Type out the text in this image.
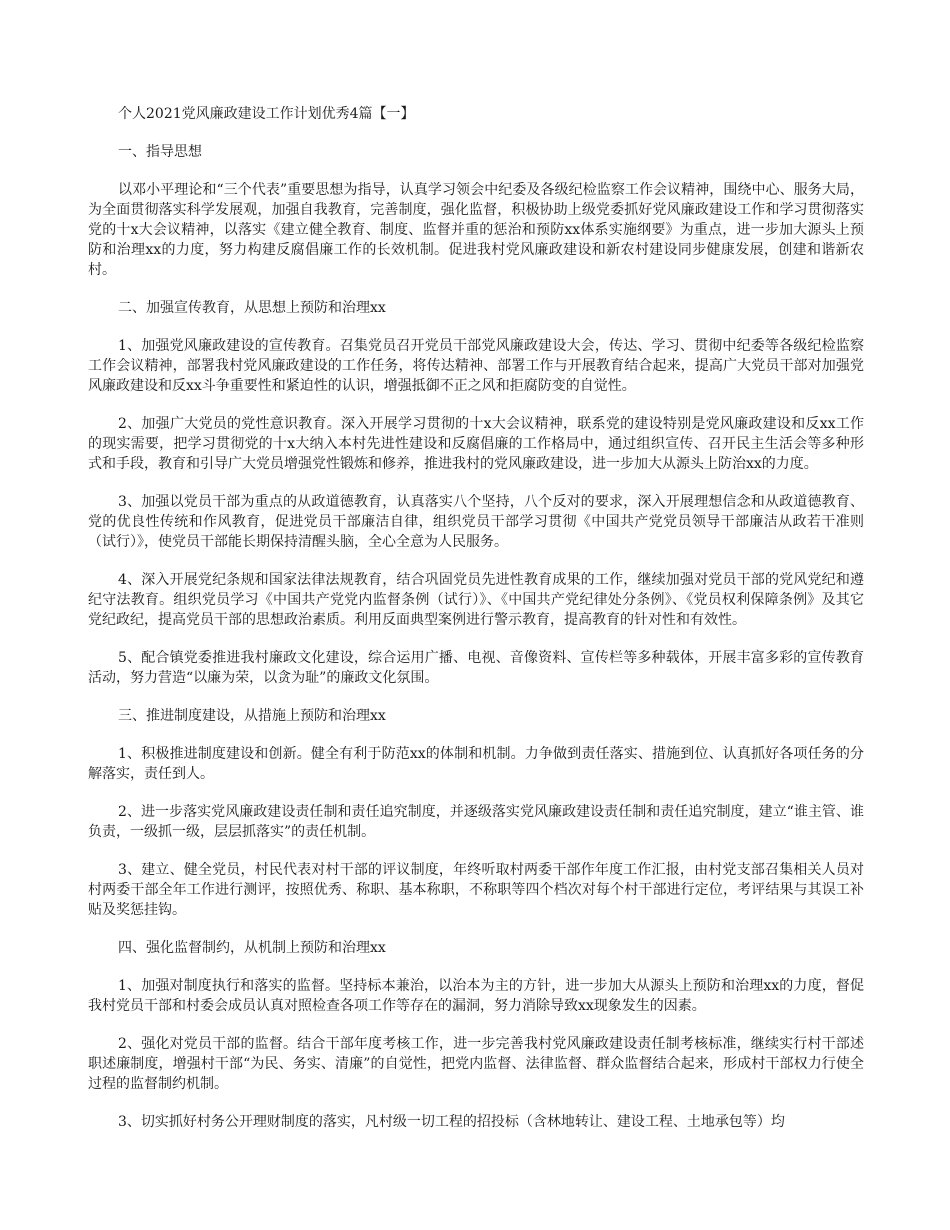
个人2021党风廉政建设工作计划优秀4篇【一】

一、指导思想

以邓小平理论和“三个代表”重要思想为指导，认真学习领会中纪委及各级纪检监察工作会议精神，围绕中心、服务大局，为全面贯彻落实科学发展观，加强自我教育，完善制度，强化监督，积极协助上级党委抓好党风廉政建设工作和学习贯彻落实党的十x大会议精神，以落实《建立健全教育、制度、监督并重的惩治和预防xx体系实施纲要》为重点，进一步加大源头上预防和治理xx的力度，努力构建反腐倡廉工作的长效机制。促进我村党风廉政建设和新农村建设同步健康发展，创建和谐新农村。

二、加强宣传教育，从思想上预防和治理xx

1、加强党风廉政建设的宣传教育。召集党员召开党员干部党风廉政建设大会，传达、学习、贯彻中纪委等各级纪检监察工作会议精神，部署我村党风廉政建设的工作任务，将传达精神、部署工作与开展教育结合起来，提高广大党员干部对加强党风廉政建设和反xx斗争重要性和紧迫性的认识，增强抵御不正之风和拒腐防变的自觉性。

2、加强广大党员的党性意识教育。深入开展学习贯彻的十x大会议精神，联系党的建设特别是党风廉政建设和反xx工作的现实需要，把学习贯彻党的十x大纳入本村先进性建设和反腐倡廉的工作格局中，通过组织宣传、召开民主生活会等多种形式和手段，教育和引导广大党员增强党性锻炼和修养，推进我村的党风廉政建设，进一步加大从源头上防治xx的力度。

3、加强以党员干部为重点的从政道德教育，认真落实八个坚持，八个反对的要求，深入开展理想信念和从政道德教育、党的优良性传统和作风教育，促进党员干部廉洁自律，组织党员干部学习贯彻《中国共产党党员领导干部廉洁从政若干准则（试行）》，使党员干部能长期保持清醒头脑，全心全意为人民服务。

4、深入开展党纪条规和国家法律法规教育，结合巩固党员先进性教育成果的工作，继续加强对党员干部的党风党纪和遵纪守法教育。组织党员学习《中国共产党党内监督条例（试行）》、《中国共产党纪律处分条例》、《党员权利保障条例》及其它党纪政纪，提高党员干部的思想政治素质。利用反面典型案例进行警示教育，提高教育的针对性和有效性。

5、配合镇党委推进我村廉政文化建设，综合运用广播、电视、音像资料、宣传栏等多种载体，开展丰富多彩的宣传教育活动，努力营造“以廉为荣，以贪为耻”的廉政文化氛围。

三、推进制度建设，从措施上预防和治理xx

1、积极推进制度建设和创新。健全有利于防范xx的体制和机制。力争做到责任落实、措施到位、认真抓好各项任务的分解落实，责任到人。

2、进一步落实党风廉政建设责任制和责任追究制度，并逐级落实党风廉政建设责任制和责任追究制度，建立“谁主管、谁负责，一级抓一级，层层抓落实”的责任机制。

3、建立、健全党员，村民代表对村干部的评议制度，年终听取村两委干部作年度工作汇报，由村党支部召集相关人员对村两委干部全年工作进行测评，按照优秀、称职、基本称职，不称职等四个档次对每个村干部进行定位，考评结果与其误工补贴及奖惩挂钩。

四、强化监督制约，从机制上预防和治理xx

1、加强对制度执行和落实的监督。坚持标本兼治，以治本为主的方针，进一步加大从源头上预防和治理xx的力度，督促我村党员干部和村委会成员认真对照检查各项工作等存在的漏洞，努力消除导致xx现象发生的因素。

2、强化对党员干部的监督。结合干部年度考核工作，进一步完善我村党风廉政建设责任制考核标准，继续实行村干部述职述廉制度，增强村干部“为民、务实、清廉”的自觉性，把党内监督、法律监督、群众监督结合起来，形成村干部权力行使全过程的监督制约机制。

3、切实抓好村务公开理财制度的落实，凡村级一切工程的招投标（含林地转让、建设工程、土地承包等）均
